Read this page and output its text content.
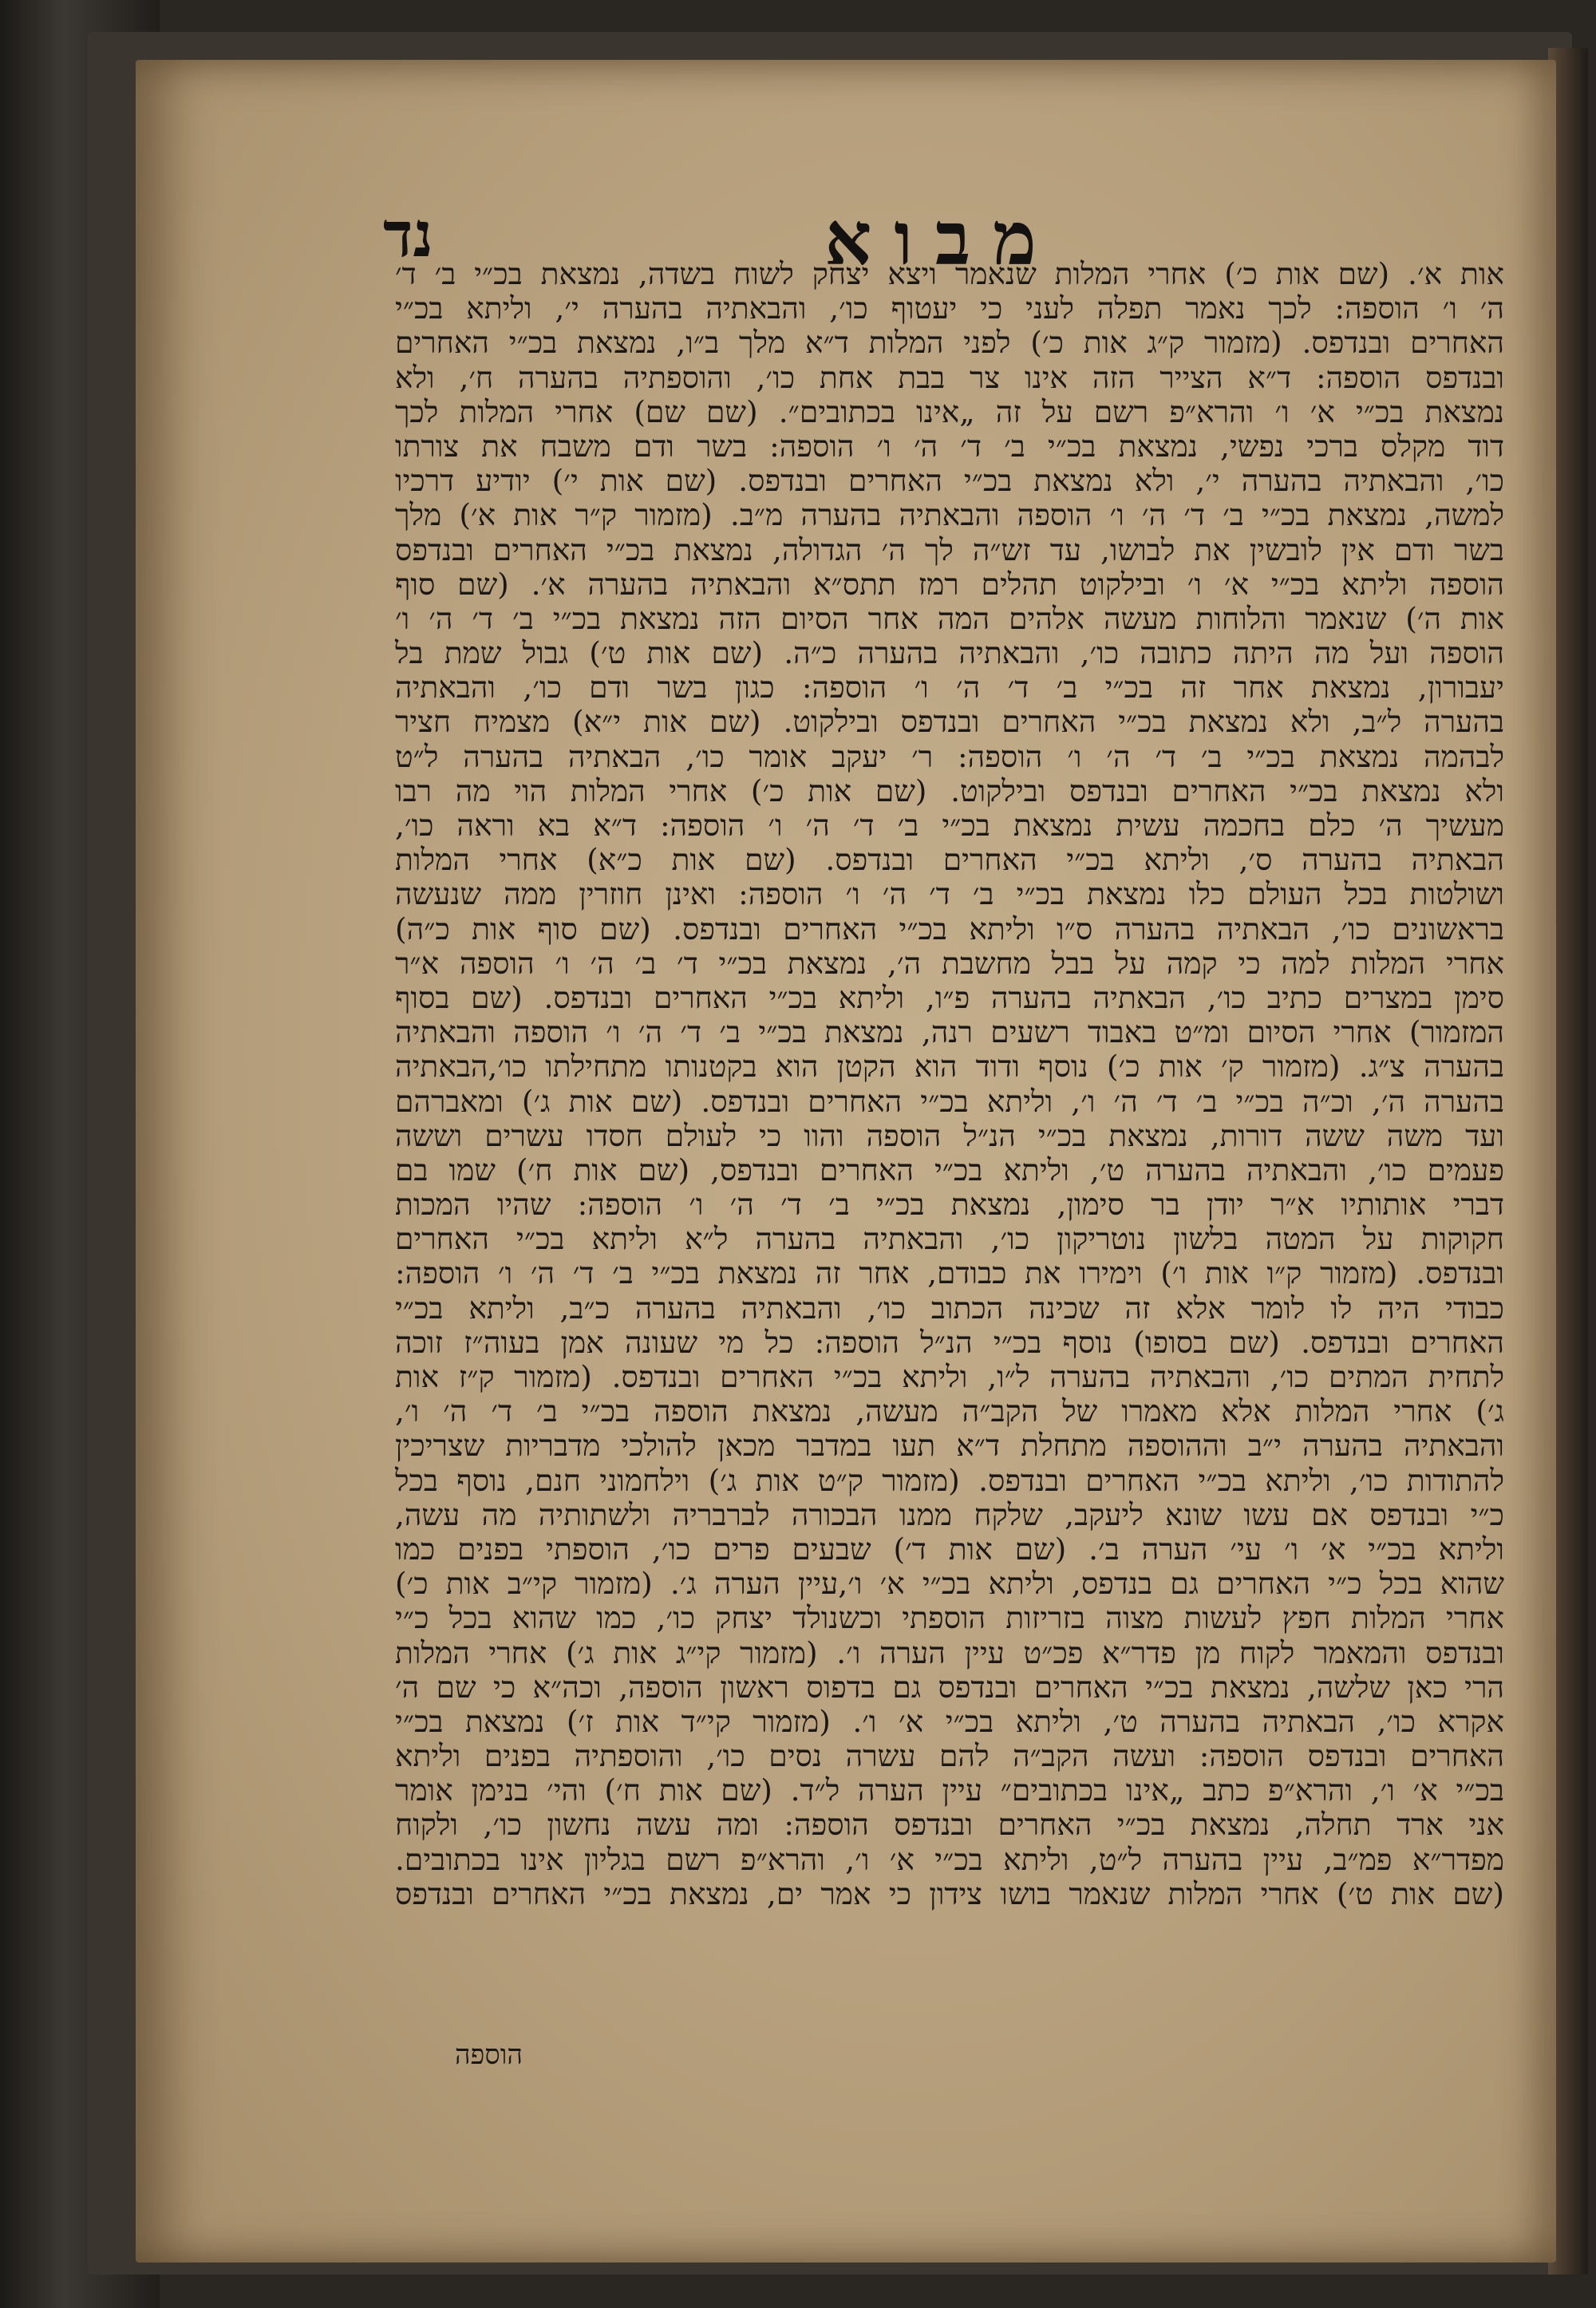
מבוא
נד
אות א׳. (שם אות כ׳) אחרי המלות שנאמר ויצא יצחק לשוח בשדה, נמצאת בכ״י ב׳ ד׳
ה׳ ו׳ הוספה: לכך נאמר תפלה לעני כי יעטוף כו׳, והבאתיה בהערה י׳, וליתא בכ״י
האחרים ובנדפס. (מזמור ק״ג אות כ׳) לפני המלות ד״א מלך ב״ו, נמצאת בכ״י האחרים
ובנדפס הוספה: ד״א הצייר הזה אינו צר בבת אחת כו׳, והוספתיה בהערה ח׳, ולא
נמצאת בכ״י א׳ ו׳ והרא״פ רשם על זה „אינו בכתובים״. (שם שם) אחרי המלות לכך
דוד מקלס ברכי נפשי, נמצאת בכ״י ב׳ ד׳ ה׳ ו׳ הוספה: בשר ודם משבח את צורתו
כו׳, והבאתיה בהערה י׳, ולא נמצאת בכ״י האחרים ובנדפס. (שם אות י׳) יודיע דרכיו
למשה, נמצאת בכ״י ב׳ ד׳ ה׳ ו׳ הוספה והבאתיה בהערה מ״ב. (מזמור ק״ר אות א׳) מלך
בשר ודם אין לובשין את לבושו, עד זש״ה לך ה׳ הגדולה, נמצאת בכ״י האחרים ובנדפס
הוספה וליתא בכ״י א׳ ו׳ ובילקוט תהלים רמז תתס״א והבאתיה בהערה א׳. (שם סוף
אות ה׳) שנאמר והלוחות מעשה אלהים המה אחר הסיום הזה נמצאת בכ״י ב׳ ד׳ ה׳ ו׳
הוספה ועל מה היתה כתובה כו׳, והבאתיה בהערה כ״ה. (שם אות ט׳) גבול שמת בל
יעבורון, נמצאת אחר זה בכ״י ב׳ ד׳ ה׳ ו׳ הוספה: כגון בשר ודם כו׳, והבאתיה
בהערה ל״ב, ולא נמצאת בכ״י האחרים ובנדפס ובילקוט. (שם אות י״א) מצמיח חציר
לבהמה נמצאת בכ״י ב׳ ד׳ ה׳ ו׳ הוספה: ר׳ יעקב אומר כו׳, הבאתיה בהערה ל״ט
ולא נמצאת בכ״י האחרים ובנדפס ובילקוט. (שם אות כ׳) אחרי המלות הוי מה רבו
מעשיך ה׳ כלם בחכמה עשית נמצאת בכ״י ב׳ ד׳ ה׳ ו׳ הוספה: ד״א בא וראה כו׳,
הבאתיה בהערה ס׳, וליתא בכ״י האחרים ובנדפס. (שם אות כ״א) אחרי המלות
ושולטות בכל העולם כלו נמצאת בכ״י ב׳ ד׳ ה׳ ו׳ הוספה: ואינן חוזרין ממה שנעשה
בראשונים כו׳, הבאתיה בהערה ס״ו וליתא בכ״י האחרים ובנדפס. (שם סוף אות כ״ה)
אחרי המלות למה כי קמה על בבל מחשבת ה׳, נמצאת בכ״י ד׳ ב׳ ה׳ ו׳ הוספה א״ר
סימן במצרים כתיב כו׳, הבאתיה בהערה פ״ו, וליתא בכ״י האחרים ובנדפס. (שם בסוף
המזמור) אחרי הסיום ומ״ט באבוד רשעים רנה, נמצאת בכ״י ב׳ ד׳ ה׳ ו׳ הוספה והבאתיה
בהערה צ״ג. (מזמור ק׳ אות כ׳) נוסף ודוד הוא הקטן הוא בקטנותו מתחילתו כו׳,הבאתיה
בהערה ה׳, וכ״ה בכ״י ב׳ ד׳ ה׳ ו׳, וליתא בכ״י האחרים ובנדפס. (שם אות ג׳) ומאברהם
ועד משה ששה דורות, נמצאת בכ״י הנ״ל הוספה והוו כי לעולם חסדו עשרים וששה
פעמים כו׳, והבאתיה בהערה ט׳, וליתא בכ״י האחרים ובנדפס, (שם אות ח׳) שמו בם
דברי אותותיו א״ר יודן בר סימון, נמצאת בכ״י ב׳ ד׳ ה׳ ו׳ הוספה: שהיו המכות
חקוקות על המטה בלשון נוטריקון כו׳, והבאתיה בהערה ל״א וליתא בכ״י האחרים
ובנדפס. (מזמור ק״ו אות ו׳) וימירו את כבודם, אחר זה נמצאת בכ״י ב׳ ד׳ ה׳ ו׳ הוספה:
כבודי היה לו לומר אלא זה שכינה הכתוב כו׳, והבאתיה בהערה כ״ב, וליתא בכ״י
האחרים ובנדפס. (שם בסופו) נוסף בכ״י הנ״ל הוספה: כל מי שעונה אמן בעוה״ז זוכה
לתחית המתים כו׳, והבאתיה בהערה ל״ו, וליתא בכ״י האחרים ובנדפס. (מזמור ק״ז אות
ג׳) אחרי המלות אלא מאמרו של הקב״ה מעשה, נמצאת הוספה בכ״י ב׳ ד׳ ה׳ ו׳,
והבאתיה בהערה י״ב וההוספה מתחלת ד״א תעו במדבר מכאן להולכי מדבריות שצריכין
להתודות כו׳, וליתא בכ״י האחרים ובנדפס. (מזמור ק״ט אות ג׳) וילחמוני חנם, נוסף בכל
כ״י ובנדפס אם עשו שונא ליעקב, שלקח ממנו הבכורה לברבריה ולשתותיה מה עשה,
וליתא בכ״י א׳ ו׳ עי׳ הערה ב׳. (שם אות ד׳) שבעים פרים כו׳, הוספתי בפנים כמו
שהוא בכל כ״י האחרים גם בנדפס, וליתא בכ״י א׳ ו׳,עיין הערה ג׳. (מזמור קי״ב אות כ׳)
אחרי המלות חפץ לעשות מצוה בזריזות הוספתי וכשנולד יצחק כו׳, כמו שהוא בכל כ״י
ובנדפס והמאמר לקוח מן פדר״א פכ״ט עיין הערה ו׳. (מזמור קי״ג אות ג׳) אחרי המלות
הרי כאן שלשה, נמצאת בכ״י האחרים ובנדפס גם בדפוס ראשון הוספה, וכה״א כי שם ה׳
אקרא כו׳, הבאתיה בהערה ט׳, וליתא בכ״י א׳ ו׳. (מזמור קי״ד אות ז׳) נמצאת בכ״י
האחרים ובנדפס הוספה: ועשה הקב״ה להם עשרה נסים כו׳, והוספתיה בפנים וליתא
בכ״י א׳ ו׳, והרא״פ כתב „אינו בכתובים״ עיין הערה ל״ד. (שם אות ח׳) והי׳ בנימן אומר
אני ארד תחלה, נמצאת בכ״י האחרים ובנדפס הוספה: ומה עשה נחשון כו׳, ולקוח
מפדר״א פמ״ב, עיין בהערה ל״ט, וליתא בכ״י א׳ ו׳, והרא״פ רשם בגליון אינו בכתובים.
(שם אות ט׳) אחרי המלות שנאמר בושו צידון כי אמר ים, נמצאת בכ״י האחרים ובנדפס
הוספה
